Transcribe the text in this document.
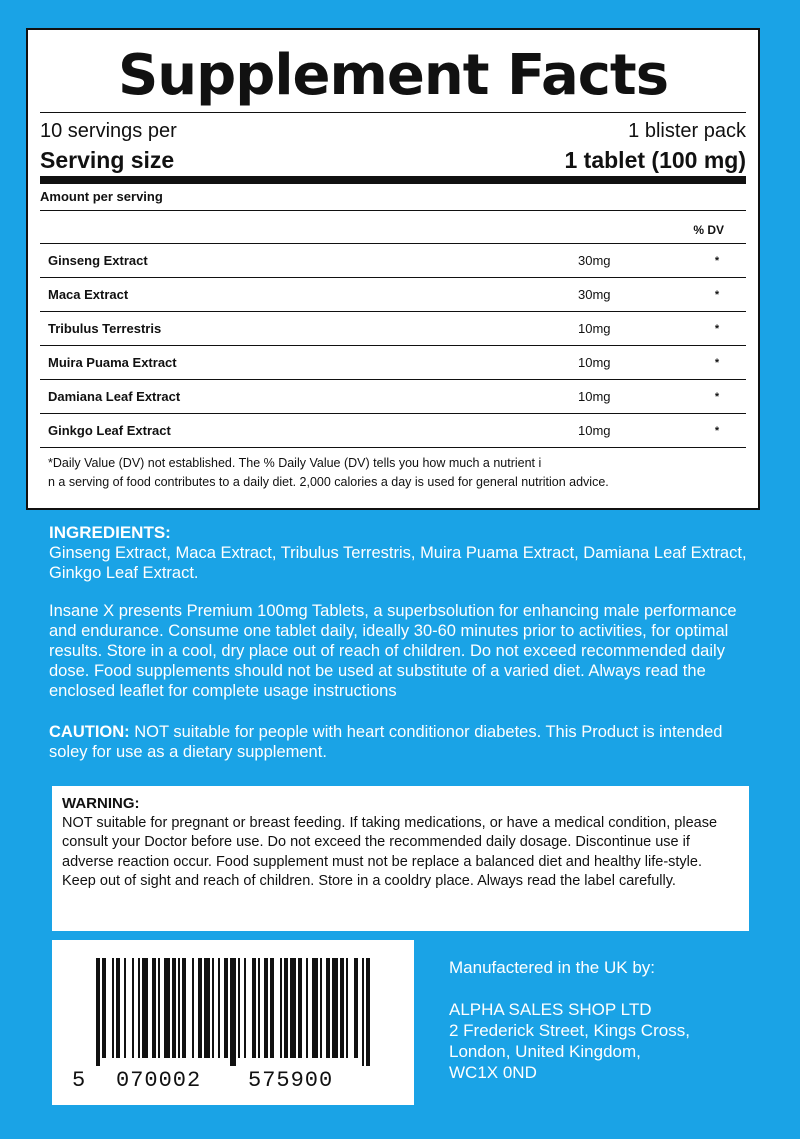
Supplement Facts
10 servings per	1 blister pack
Serving size	1 tablet (100 mg)
Amount per serving
% DV
Ginseng Extract	30mg	*
Maca Extract	30mg	*
Tribulus Terrestris	10mg	*
Muira Puama Extract	10mg	*
Damiana Leaf Extract	10mg	*
Ginkgo Leaf Extract	10mg	*
*Daily Value (DV) not established. The % Daily Value (DV) tells you how much a nutrient i
n a serving of food contributes to a daily diet. 2,000 calories a day is used for general nutrition advice.
INGREDIENTS:
Ginseng Extract, Maca Extract, Tribulus Terrestris, Muira Puama Extract, Damiana Leaf Extract, Ginkgo Leaf Extract.
Insane X presents Premium 100mg Tablets, a superbsolution for enhancing male performance and endurance. Consume one tablet daily, ideally 30-60 minutes prior to activities, for optimal results. Store in a cool, dry place out of reach of children. Do not exceed recommended daily dose. Food supplements should not be used at substitute of a varied diet. Always read the enclosed leaflet for complete usage instructions
CAUTION: NOT suitable for people with heart conditionor diabetes. This Product is intended soley for use as a dietary supplement.
WARNING:
NOT suitable for pregnant or breast feeding. If taking medications, or have a medical condition, please consult your Doctor before use. Do not exceed the recommended daily dosage. Discontinue use if adverse reaction occur. Food supplement must not be replace a balanced diet and healthy life-style. Keep out of sight and reach of children. Store in a cooldry place. Always read the label carefully.
5 070002 575900
Manufactered in the UK by:
ALPHA SALES SHOP LTD
2 Frederick Street, Kings Cross,
London, United Kingdom,
WC1X 0ND
